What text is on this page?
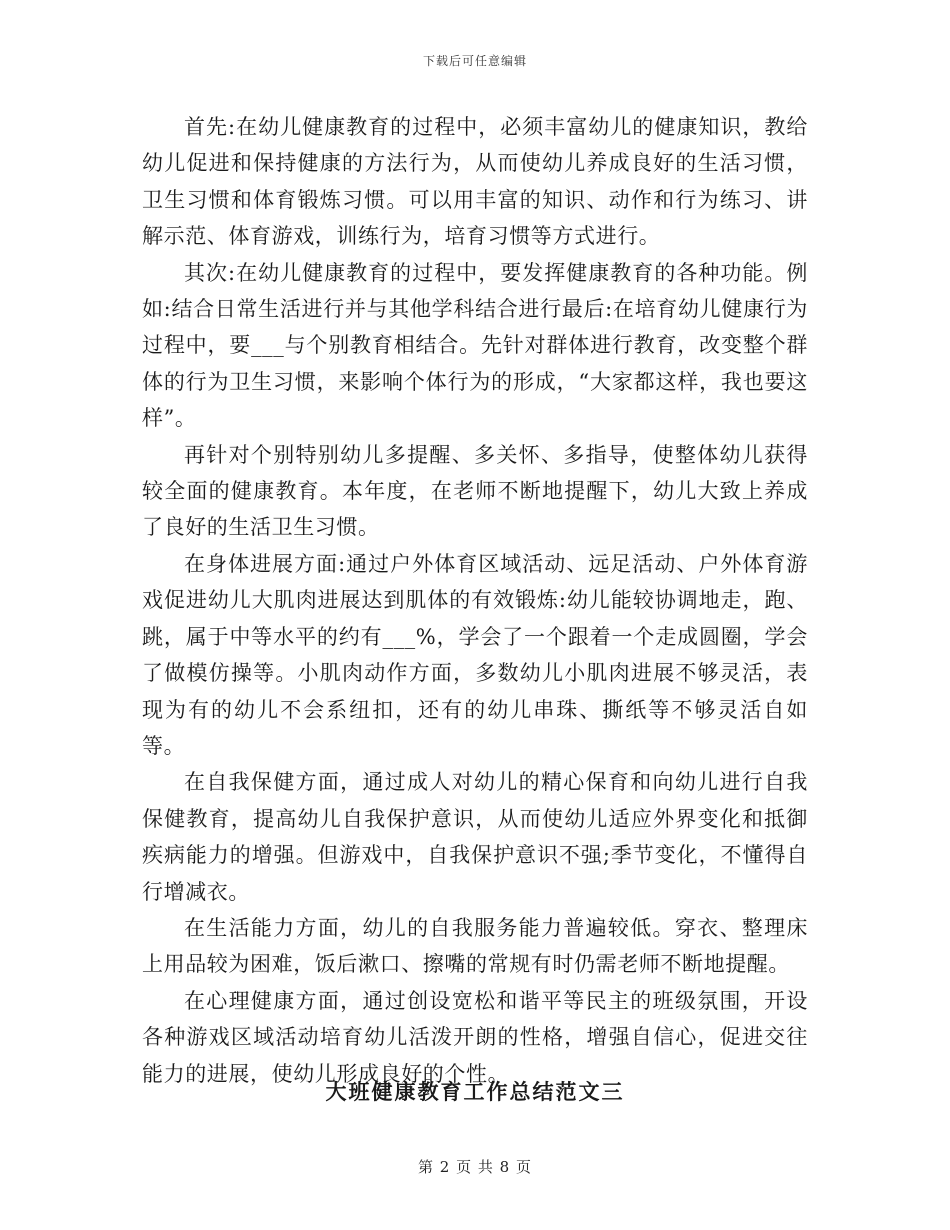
下载后可任意编辑

首先:在幼儿健康教育的过程中，必须丰富幼儿的健康知识，教给幼儿促进和保持健康的方法行为，从而使幼儿养成良好的生活习惯，卫生习惯和体育锻炼习惯。可以用丰富的知识、动作和行为练习、讲解示范、体育游戏，训练行为，培育习惯等方式进行。

其次:在幼儿健康教育的过程中，要发挥健康教育的各种功能。例如:结合日常生活进行并与其他学科结合进行最后:在培育幼儿健康行为过程中，要___与个别教育相结合。先针对群体进行教育，改变整个群体的行为卫生习惯，来影响个体行为的形成，“大家都这样，我也要这样”。

再针对个别特别幼儿多提醒、多关怀、多指导，使整体幼儿获得较全面的健康教育。本年度，在老师不断地提醒下，幼儿大致上养成了良好的生活卫生习惯。

在身体进展方面:通过户外体育区域活动、远足活动、户外体育游戏促进幼儿大肌肉进展达到肌体的有效锻炼:幼儿能较协调地走，跑、跳，属于中等水平的约有___%，学会了一个跟着一个走成圆圈，学会了做模仿操等。小肌肉动作方面，多数幼儿小肌肉进展不够灵活，表现为有的幼儿不会系纽扣，还有的幼儿串珠、撕纸等不够灵活自如等。

在自我保健方面，通过成人对幼儿的精心保育和向幼儿进行自我保健教育，提高幼儿自我保护意识，从而使幼儿适应外界变化和抵御疾病能力的增强。但游戏中，自我保护意识不强;季节变化，不懂得自行增减衣。

在生活能力方面，幼儿的自我服务能力普遍较低。穿衣、整理床上用品较为困难，饭后漱口、擦嘴的常规有时仍需老师不断地提醒。

在心理健康方面，通过创设宽松和谐平等民主的班级氛围，开设各种游戏区域活动培育幼儿活泼开朗的性格，增强自信心，促进交往能力的进展，使幼儿形成良好的个性。

大班健康教育工作总结范文三
第 2 页 共 8 页
